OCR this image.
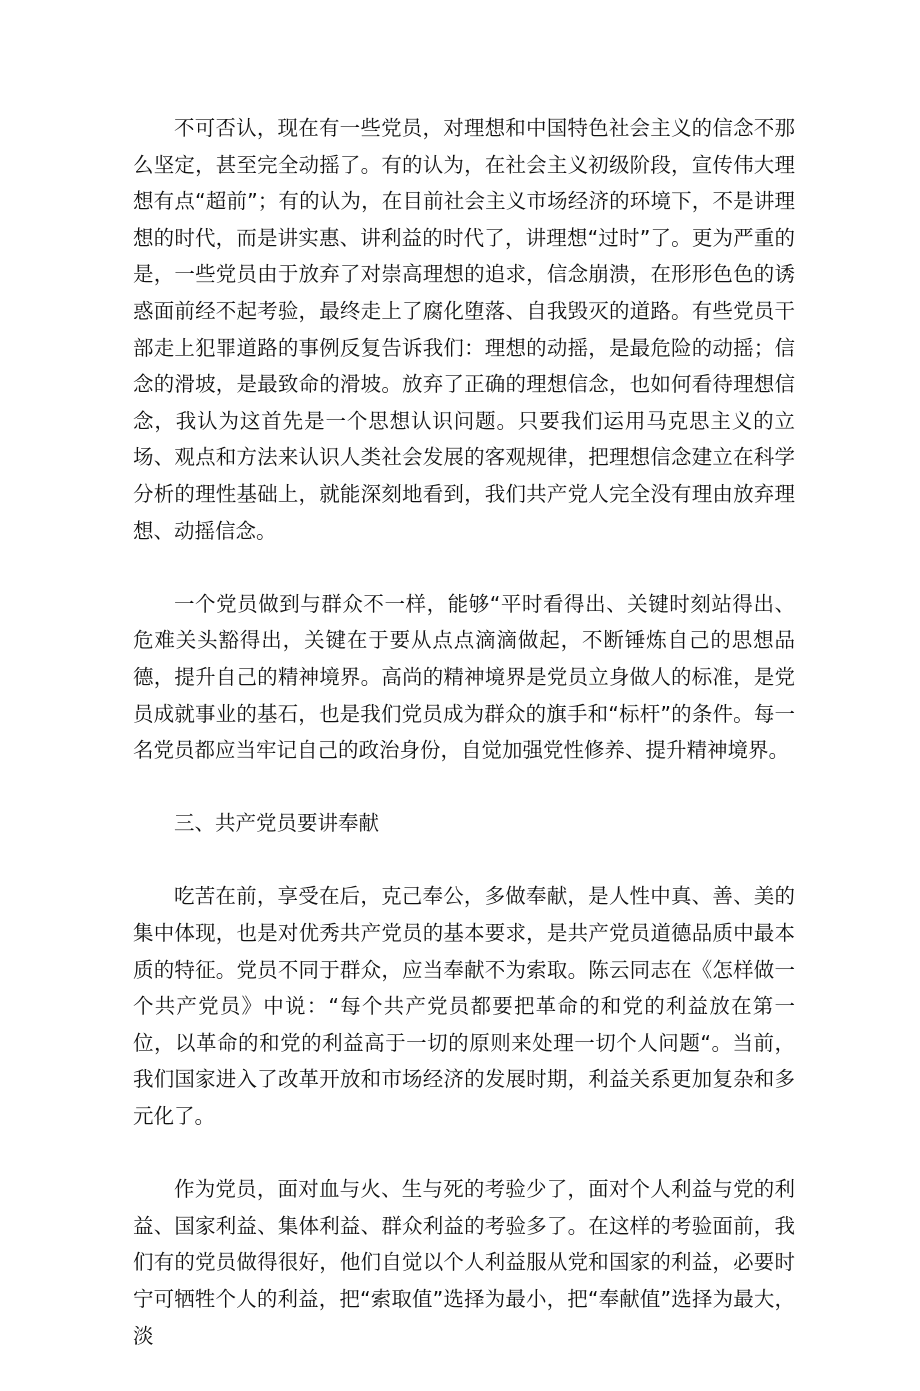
不可否认，现在有一些党员，对理想和中国特色社会主义的信念不那么坚定，甚至完全动摇了。有的认为，在社会主义初级阶段，宣传伟大理想有点“超前”；有的认为，在目前社会主义市场经济的环境下，不是讲理想的时代，而是讲实惠、讲利益的时代了，讲理想“过时”了。更为严重的是，一些党员由于放弃了对崇高理想的追求，信念崩溃，在形形色色的诱惑面前经不起考验，最终走上了腐化堕落、自我毁灭的道路。有些党员干部走上犯罪道路的事例反复告诉我们：理想的动摇，是最危险的动摇；信念的滑坡，是最致命的滑坡。放弃了正确的理想信念，也如何看待理想信念，我认为这首先是一个思想认识问题。只要我们运用马克思主义的立场、观点和方法来认识人类社会发展的客观规律，把理想信念建立在科学分析的理性基础上，就能深刻地看到，我们共产党人完全没有理由放弃理想、动摇信念。

一个党员做到与群众不一样，能够“平时看得出、关键时刻站得出、危难关头豁得出，关键在于要从点点滴滴做起，不断锤炼自己的思想品德，提升自己的精神境界。高尚的精神境界是党员立身做人的标准，是党员成就事业的基石，也是我们党员成为群众的旗手和“标杆”的条件。每一名党员都应当牢记自己的政治身份，自觉加强党性修养、提升精神境界。

三、共产党员要讲奉献

吃苦在前，享受在后，克己奉公，多做奉献，是人性中真、善、美的集中体现，也是对优秀共产党员的基本要求，是共产党员道德品质中最本质的特征。党员不同于群众，应当奉献不为索取。陈云同志在《怎样做一个共产党员》中说：“每个共产党员都要把革命的和党的利益放在第一位，以革命的和党的利益高于一切的原则来处理一切个人问题“。当前，我们国家进入了改革开放和市场经济的发展时期，利益关系更加复杂和多元化了。

作为党员，面对血与火、生与死的考验少了，面对个人利益与党的利益、国家利益、集体利益、群众利益的考验多了。在这样的考验面前，我们有的党员做得很好，他们自觉以个人利益服从党和国家的利益，必要时宁可牺牲个人的利益，把“索取值”选择为最小，把“奉献值”选择为最大，淡
